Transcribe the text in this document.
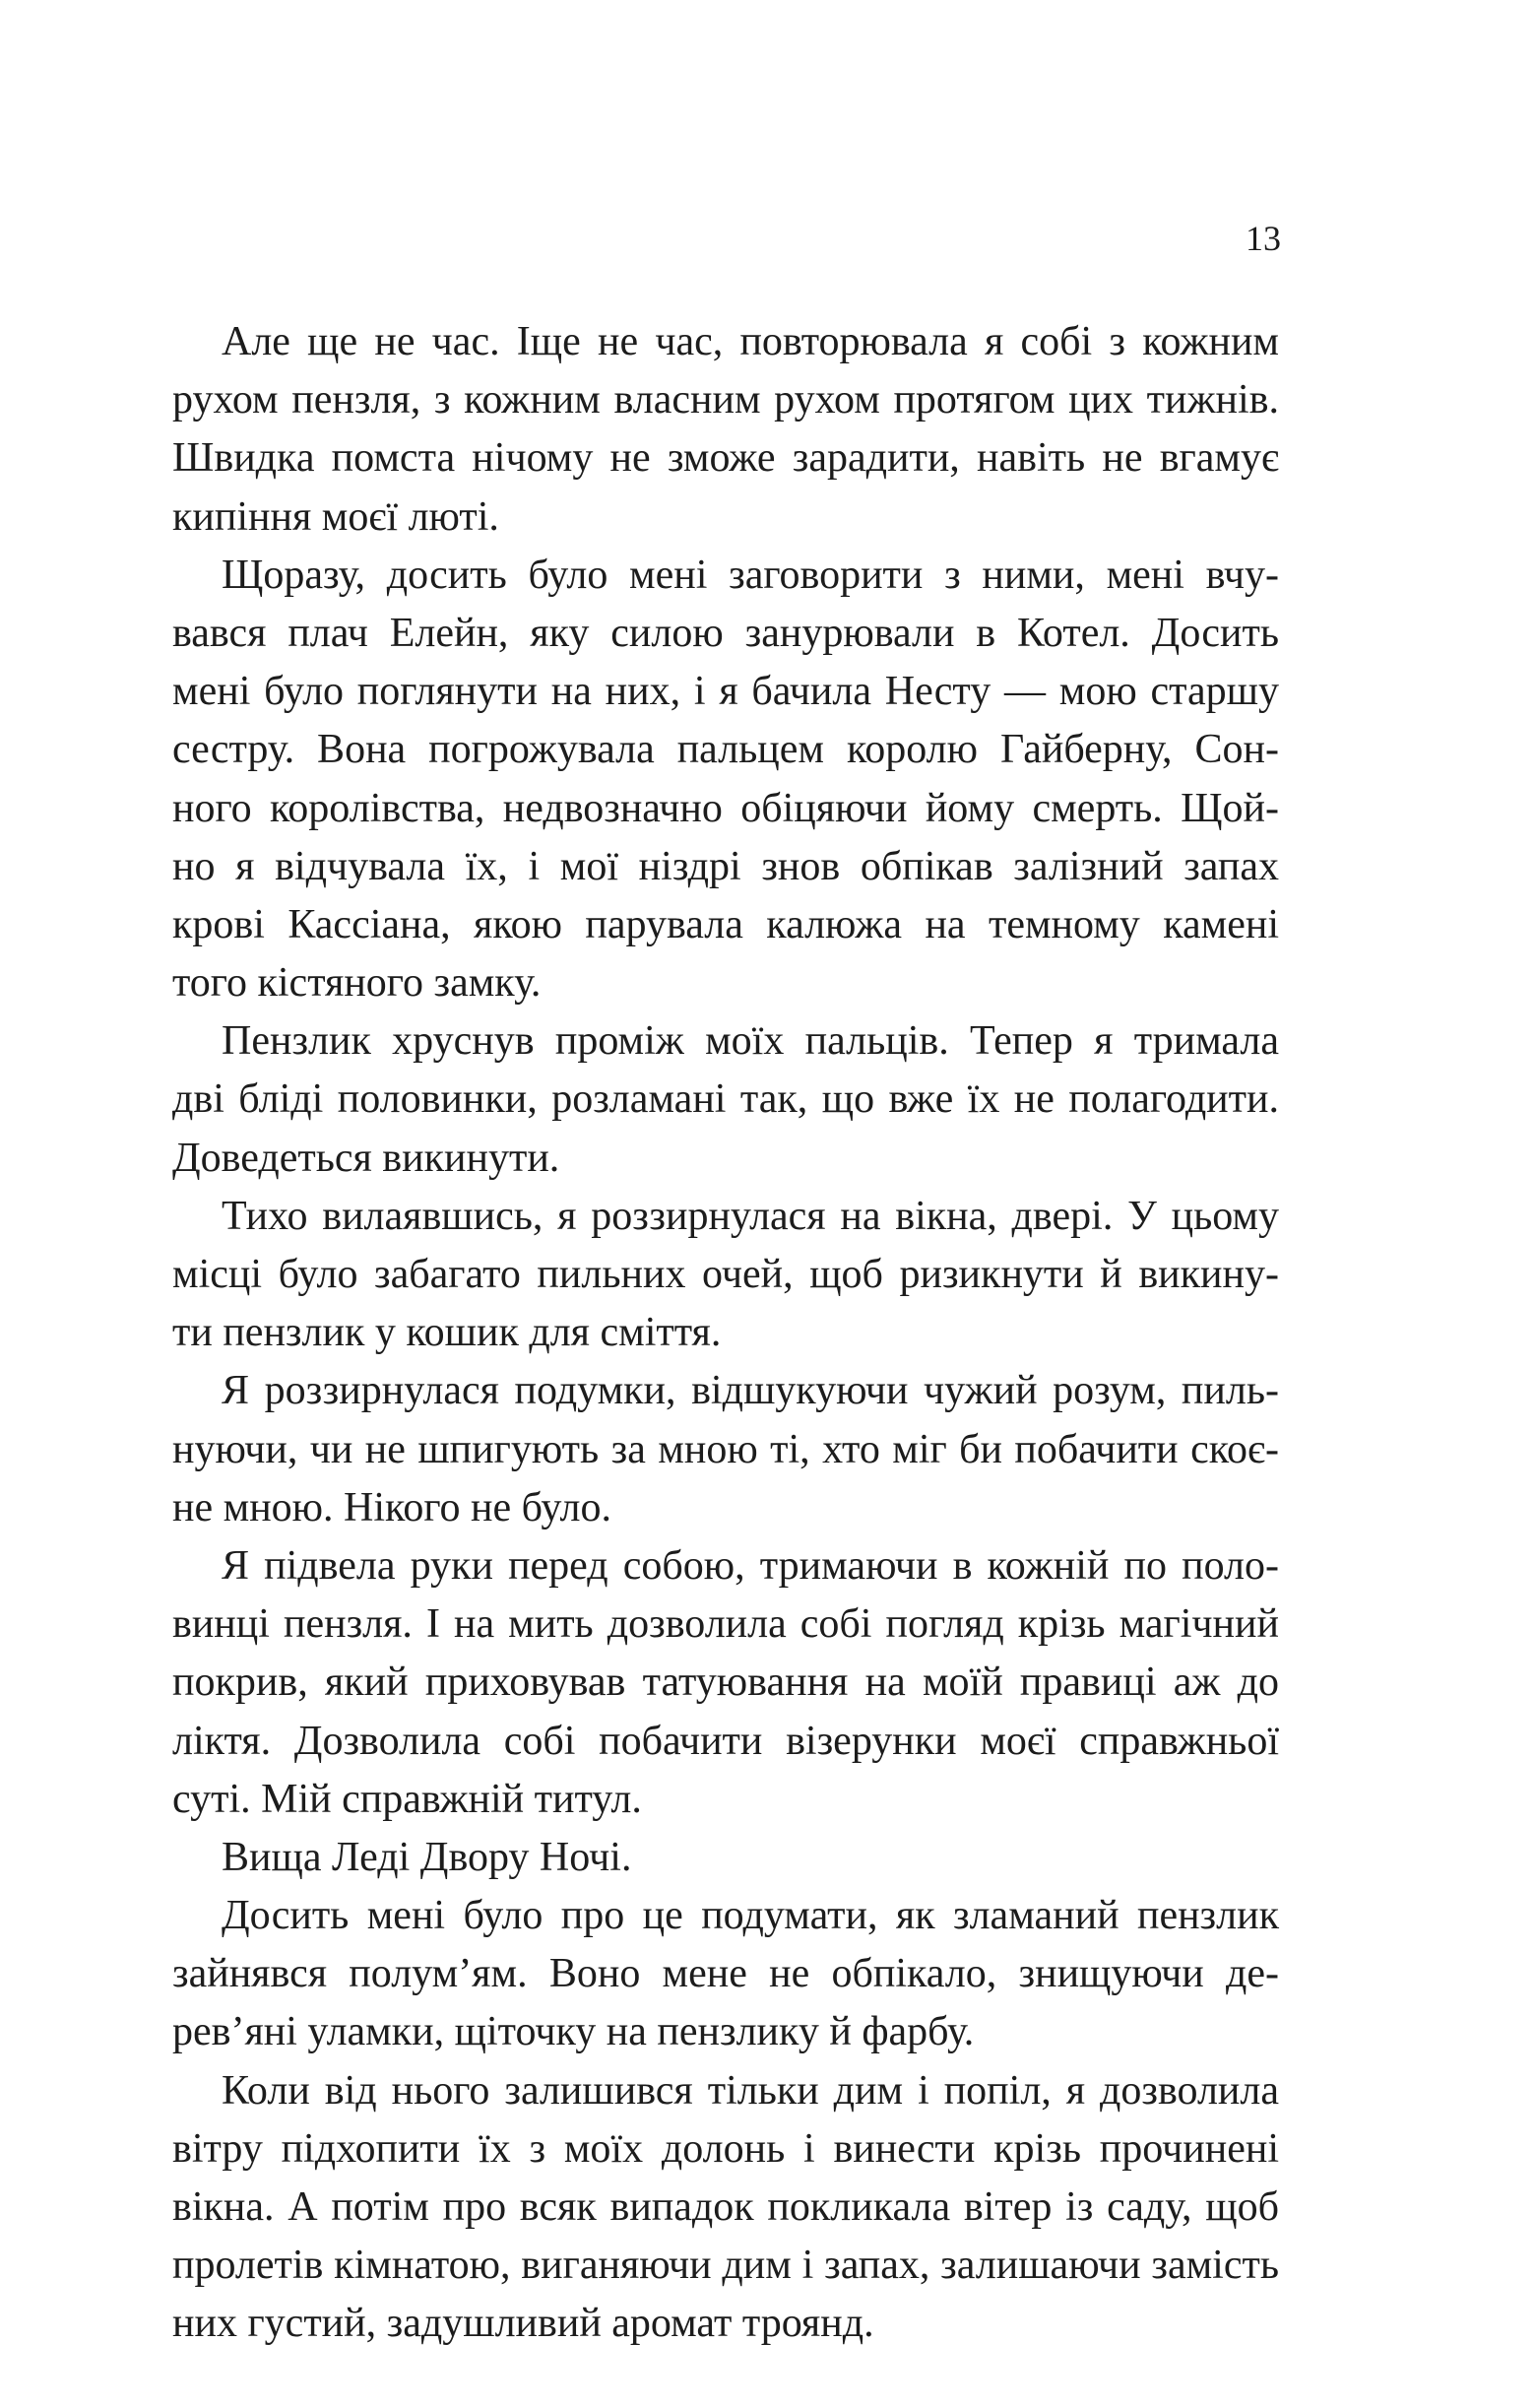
13
Але ще не час. Іще не час, повторювала я собі з кожним
рухом пензля, з кожним власним рухом протягом цих тижнів.
Швидка помста нічому не зможе зарадити, навіть не вгамує
кипіння моєї люті.
Щоразу, досить було мені заговорити з ними, мені вчу-
вався плач Елейн, яку силою занурювали в Котел. Досить
мені було поглянути на них, і я бачила Несту — мою старшу
сестру. Вона погрожувала пальцем королю Гайберну, Сон-
ного королівства, недвозначно обіцяючи йому смерть. Щой-
но я відчувала їх, і мої ніздрі знов обпікав залізний запах
крові Кассіана, якою парувала калюжа на темному камені
того кістяного замку.
Пензлик хруснув проміж моїх пальців. Тепер я тримала
дві бліді половинки, розламані так, що вже їх не полагодити.
Доведеться викинути.
Тихо вилаявшись, я роззирнулася на вікна, двері. У цьому
місці було забагато пильних очей, щоб ризикнути й викину-
ти пензлик у кошик для сміття.
Я роззирнулася подумки, відшукуючи чужий розум, пиль-
нуючи, чи не шпигують за мною ті, хто міг би побачити скоє-
не мною. Нікого не було.
Я підвела руки перед собою, тримаючи в кожній по поло-
винці пензля. І на мить дозволила собі погляд крізь магічний
покрив, який приховував татуювання на моїй правиці аж до
ліктя. Дозволила собі побачити візерунки моєї справжньої
суті. Мій справжній титул.
Вища Леді Двору Ночі.
Досить мені було про це подумати, як зламаний пензлик
зайнявся полум’ям. Воно мене не обпікало, знищуючи де-
рев’яні уламки, щіточку на пензлику й фарбу.
Коли від нього залишився тільки дим і попіл, я дозволила
вітру підхопити їх з моїх долонь і винести крізь прочинені
вікна. А потім про всяк випадок покликала вітер із саду, щоб
пролетів кімнатою, виганяючи дим і запах, залишаючи замість
них густий, задушливий аромат троянд.
